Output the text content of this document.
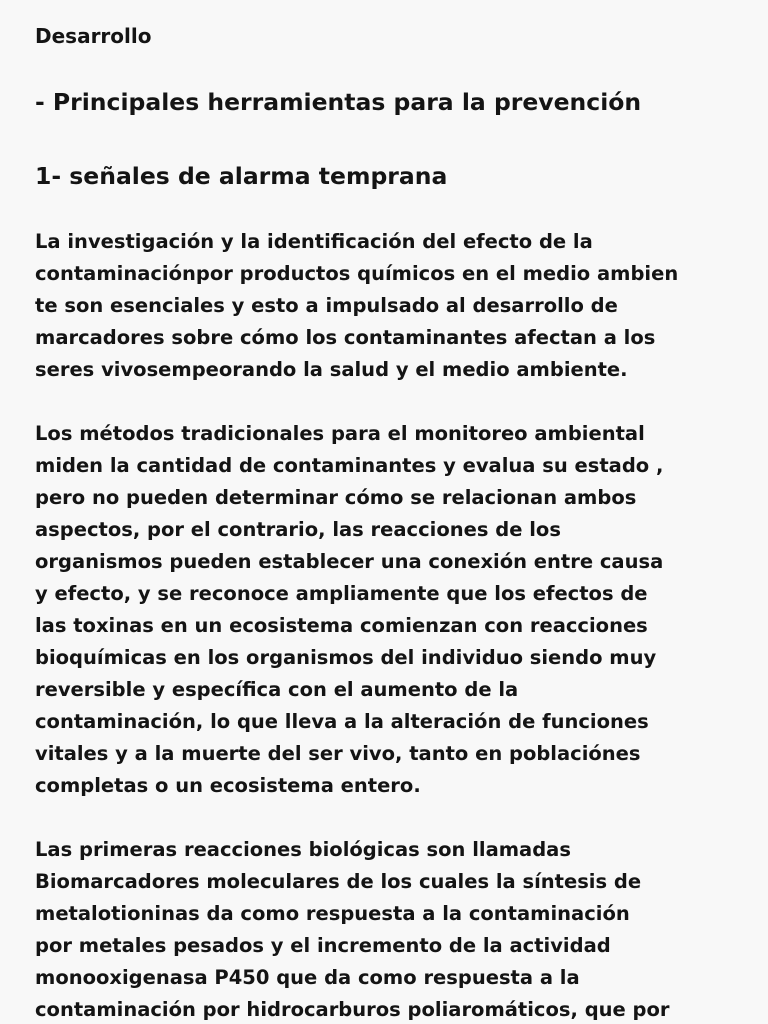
Desarrollo
- Principales herramientas para la prevención
1- señales de alarma temprana
La investigación y la identificación del efecto de la
contaminaciónpor productos químicos en el medio ambien
te son esenciales y esto a impulsado al desarrollo de
marcadores sobre cómo los contaminantes afectan a los
seres vivosempeorando la salud y el medio ambiente.
Los métodos tradicionales para el monitoreo ambiental
miden la cantidad de contaminantes y evalua su estado ,
pero no pueden determinar cómo se relacionan ambos
aspectos, por el contrario, las reacciones de los
organismos pueden establecer una conexión entre causa
y efecto, y se reconoce ampliamente que los efectos de
las toxinas en un ecosistema comienzan con reacciones
bioquímicas en los organismos del individuo siendo muy
reversible y específica con el aumento de la
contaminación, lo que lleva a la alteración de funciones
vitales y a la muerte del ser vivo, tanto en poblaciónes
completas o un ecosistema entero.
Las primeras reacciones biológicas son llamadas
Biomarcadores moleculares de los cuales la síntesis de
metalotioninas da como respuesta a la contaminación
por metales pesados y el incremento de la actividad
monooxigenasa P450 que da como respuesta a la
contaminación por hidrocarburos poliaromáticos, que por
